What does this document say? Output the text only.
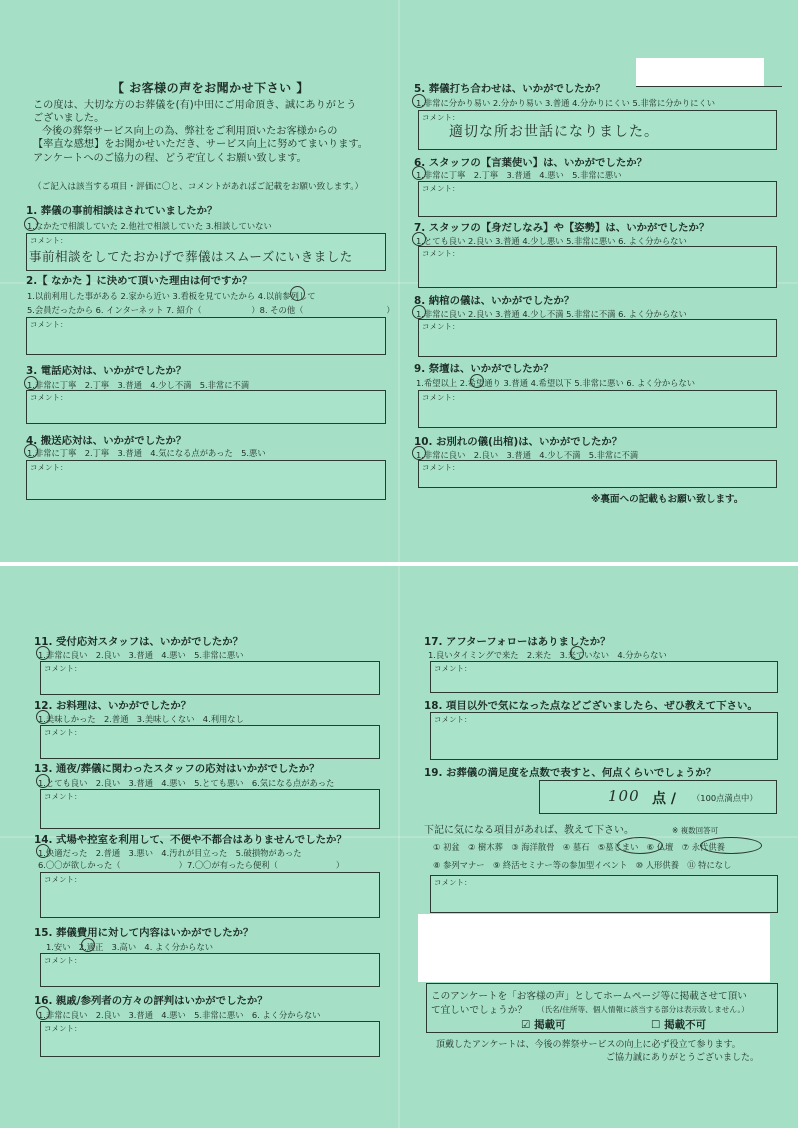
【 お客様の声をお聞かせ下さい 】
この度は、大切な方のお葬儀を(有)中田にご用命頂き、誠にありがとう
ございました。
今後の葬祭サービス向上の為、弊社をご利用頂いたお客様からの
【率直な感想】をお聞かせいただき、サービス向上に努めてまいります。
アンケートへのご協力の程、どうぞ宜しくお願い致します。
（ご記入は該当する項目・評価に〇と、コメントがあればご記載をお願い致します。）
1. 葬儀の事前相談はされていましたか？
1.なかたで相談していた 2.他社で相談していた 3.相談していない
コメント：
事前相談をしてたおかげで葬儀はスムーズにいきました
2.【 なかた 】に決めて頂いた理由は何ですか？
1.以前利用した事がある 2.家から近い 3.看板を見ていたから 4.以前参列して
5.会員だったから 6. インターネット 7. 紹介（　　　　　　）8. その他（　　　　　　　　　　）
コメント：
3. 電話応対は、いかがでしたか？
1.非常に丁寧　2.丁寧　3.普通　4.少し不満　5.非常に不満
コメント：
4. 搬送応対は、いかがでしたか？
1.非常に丁寧　2.丁寧　3.普通　4.気になる点があった　5.悪い
コメント：
5. 葬儀打ち合わせは、いかがでしたか？
1.非常に分かり易い 2.分かり易い 3.普通 4.分かりにくい 5.非常に分かりにくい
コメント：
適切な所お世話になりました。
6. スタッフの【言葉使い】は、いかがでしたか？
1.非常に丁寧　2.丁寧　3.普通　4.悪い　5.非常に悪い
コメント：
7. スタッフの【身だしなみ】や【姿勢】は、いかがでしたか？
1.とても良い 2.良い 3.普通 4.少し悪い 5.非常に悪い 6. よく分からない
コメント：
8. 納棺の儀は、いかがでしたか？
1.非常に良い 2.良い 3.普通 4.少し不満 5.非常に不満 6. よく分からない
コメント：
9. 祭壇は、いかがでしたか？
1.希望以上 2.希望通り 3.普通 4.希望以下 5.非常に悪い 6. よく分からない
コメント：
10. お別れの儀(出棺)は、いかがでしたか？
1.非常に良い　2.良い　3.普通　4.少し不満　5.非常に不満
コメント：
※裏面への記載もお願い致します。
11. 受付応対スタッフは、いかがでしたか？
1.非常に良い　2.良い　3.普通　4.悪い　5.非常に悪い
コメント：
12. お料理は、いかがでしたか？
1.美味しかった　2.普通　3.美味しくない　4.利用なし
コメント：
13. 通夜/葬儀に関わったスタッフの応対はいかがでしたか？
1.とても良い　2.良い　3.普通　4.悪い　5.とても悪い　6.気になる点があった
コメント：
14. 式場や控室を利用して、不便や不都合はありませんでしたか？
1.快適だった　2.普通　3.悪い　4.汚れが目立った　5.破損物があった
6.〇〇が欲しかった（　　　　　　　）7.〇〇が有ったら便利（　　　　　　　）
コメント：
15. 葬儀費用に対して内容はいかがでしたか？
1.安い　2.適正　3.高い　4. よく分からない
コメント：
16. 親戚/参列者の方々の評判はいかがでしたか？
1.非常に良い　2.良い　3.普通　4.悪い　5.非常に悪い　6. よく分からない
コメント：
17. アフターフォローはありましたか？
1.良いタイミングで来た　2.来た　3.来ていない　4.分からない
コメント：
18. 項目以外で気になった点などございましたら、ぜひ教えて下さい。
コメント：
19. お葬儀の満足度を点数で表すと、何点くらいでしょうか？
100 点 / （100点満点中）
下記に気になる項目があれば、教えて下さい。	※ 複数回答可
① 初盆　② 樹木葬　③ 海洋散骨　④ 墓石　⑤墓じまい　⑥ 仏壇　⑦ 永代供養
⑧ 参列マナー　⑨ 終活セミナー等の参加型イベント　⑩ 人形供養　⑪ 特になし
コメント：
このアンケートを「お客様の声」としてホームページ等に掲載させて頂い
て宜しいでしょうか？ （氏名/住所等、個人情報に該当する部分は表示致しません。）
☑ 掲載可	☐ 掲載不可
頂戴したアンケートは、今後の葬祭サービスの向上に必ず役立て参ります。
ご協力誠にありがとうございました。
